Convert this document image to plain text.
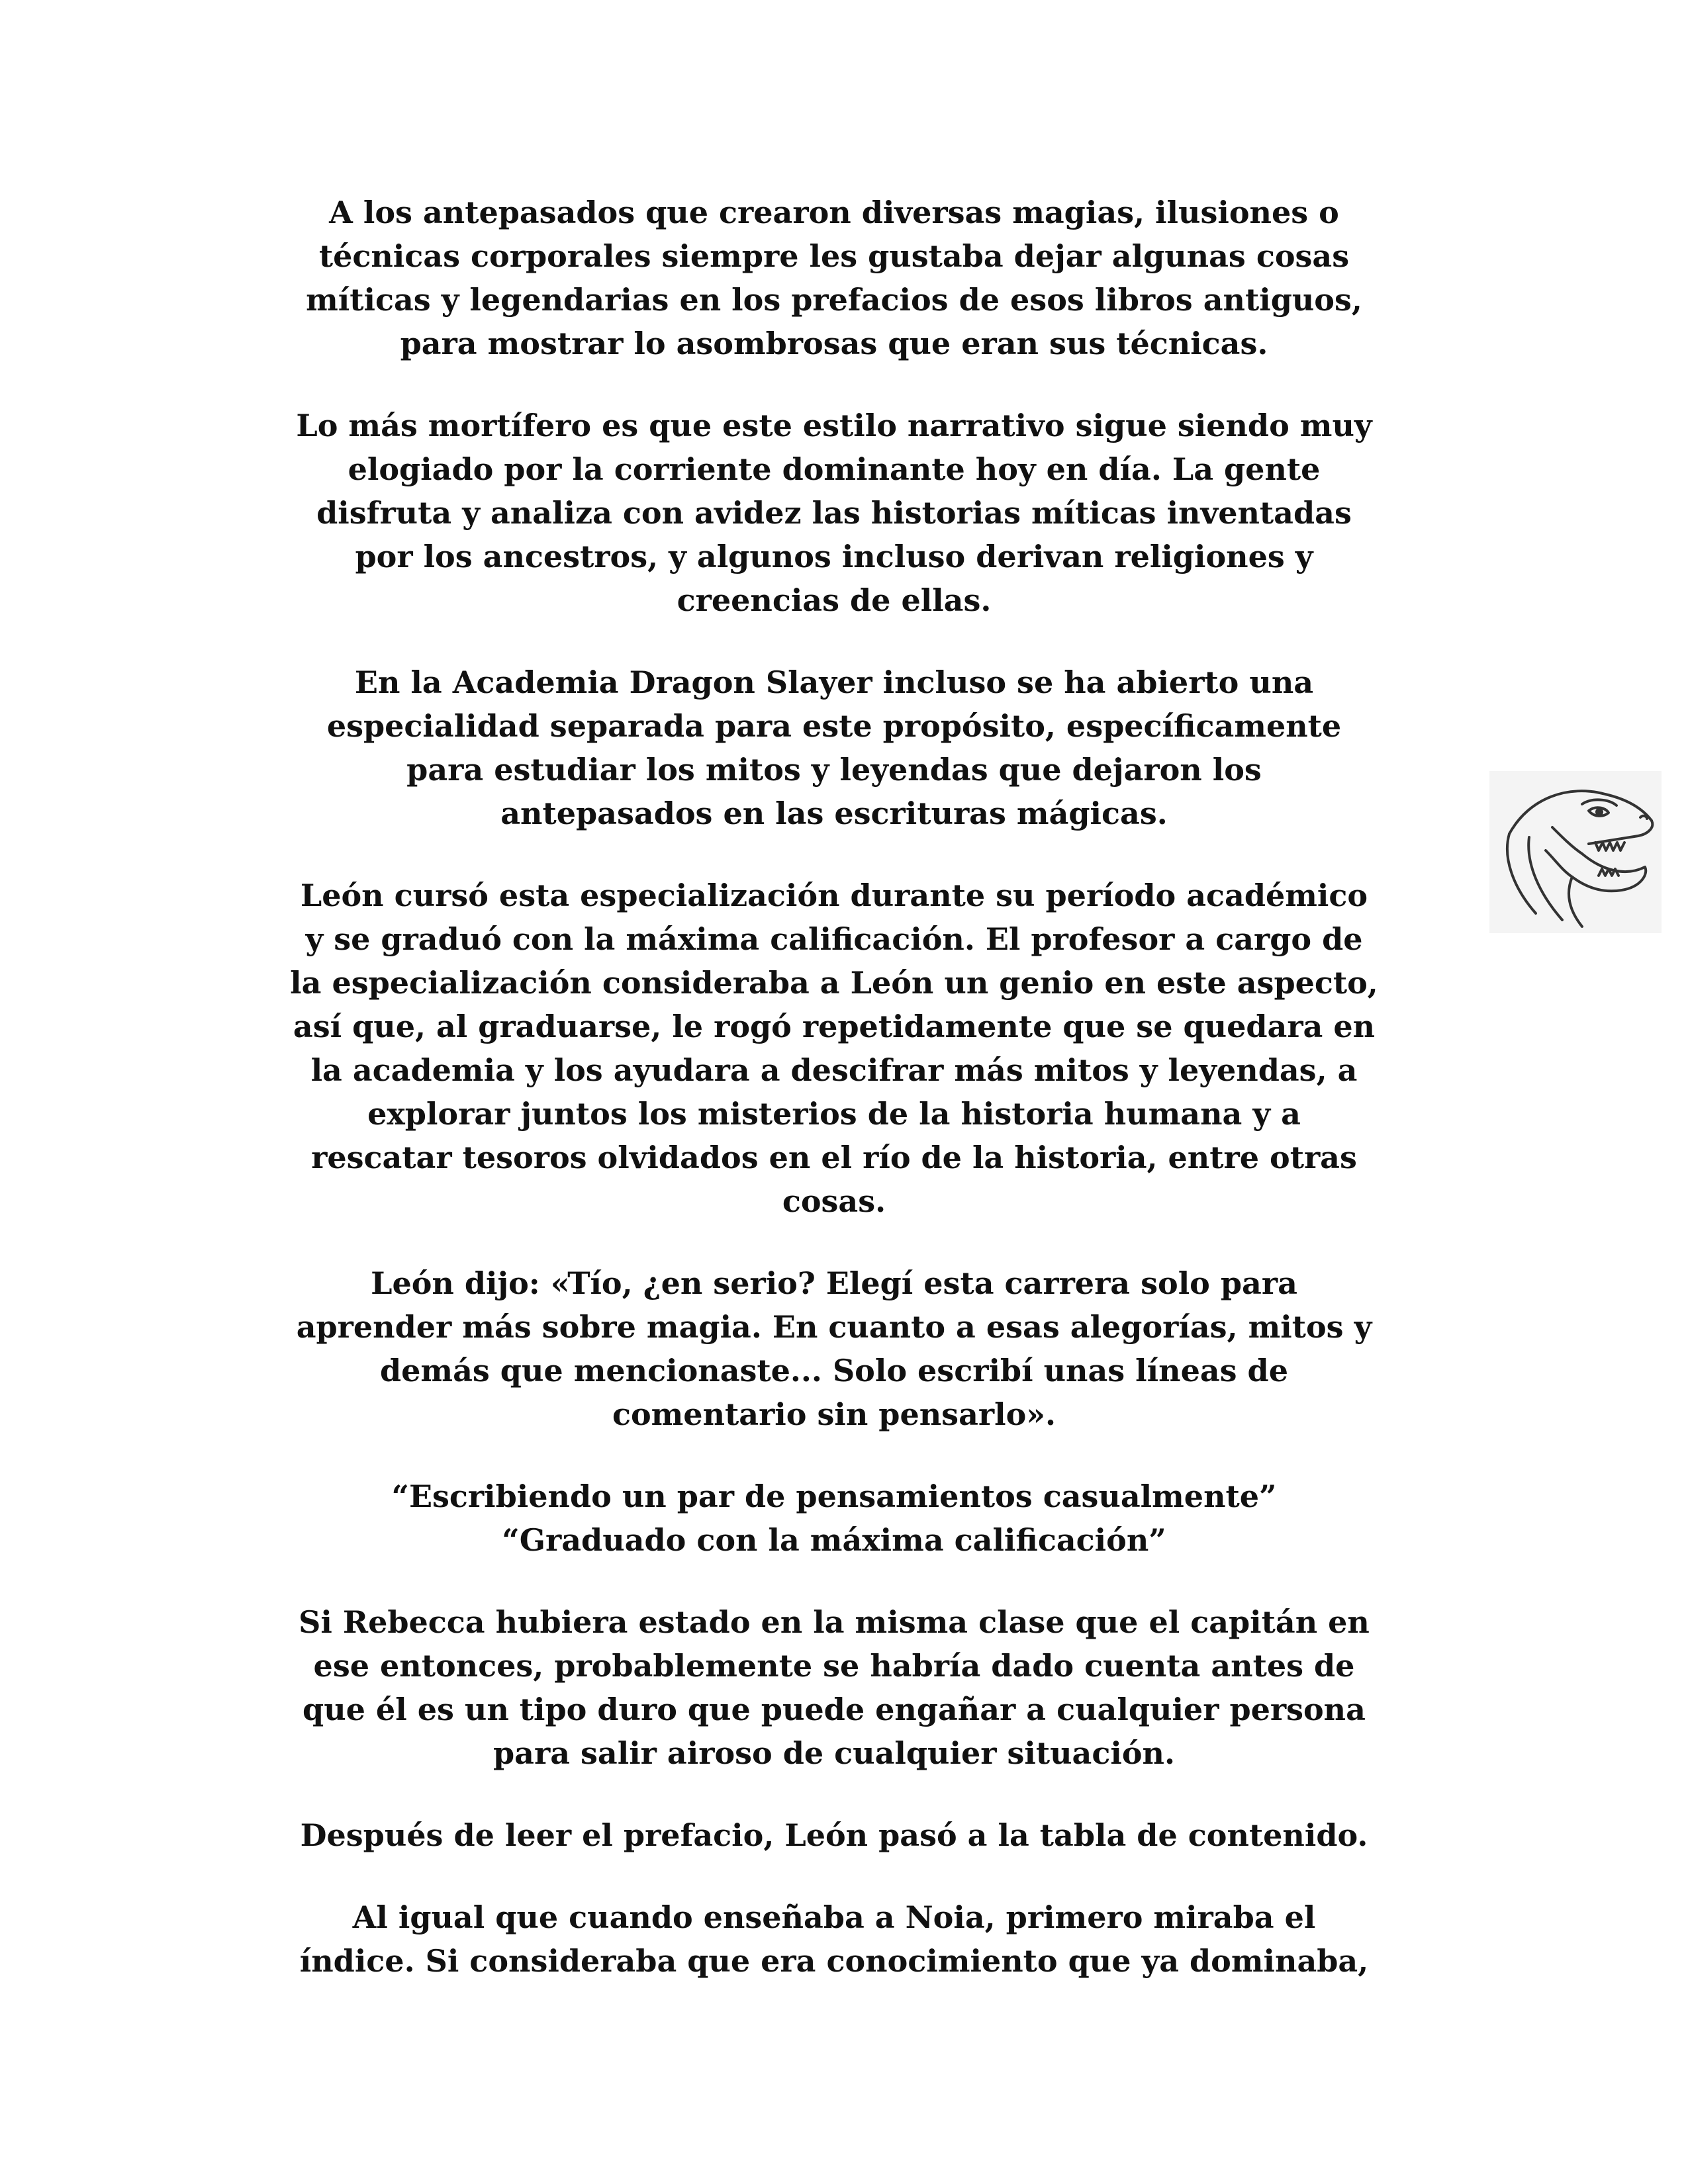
A los antepasados que crearon diversas magias, ilusiones o
técnicas corporales siempre les gustaba dejar algunas cosas
míticas y legendarias en los prefacios de esos libros antiguos,
para mostrar lo asombrosas que eran sus técnicas.

Lo más mortífero es que este estilo narrativo sigue siendo muy
elogiado por la corriente dominante hoy en día. La gente
disfruta y analiza con avidez las historias míticas inventadas
por los ancestros, y algunos incluso derivan religiones y
creencias de ellas.

En la Academia Dragon Slayer incluso se ha abierto una
especialidad separada para este propósito, específicamente
para estudiar los mitos y leyendas que dejaron los
antepasados en las escrituras mágicas.

León cursó esta especialización durante su período académico
y se graduó con la máxima calificación. El profesor a cargo de
la especialización consideraba a León un genio en este aspecto,
así que, al graduarse, le rogó repetidamente que se quedara en
la academia y los ayudara a descifrar más mitos y leyendas, a
explorar juntos los misterios de la historia humana y a
rescatar tesoros olvidados en el río de la historia, entre otras
cosas.

León dijo: «Tío, ¿en serio? Elegí esta carrera solo para
aprender más sobre magia. En cuanto a esas alegorías, mitos y
demás que mencionaste... Solo escribí unas líneas de
comentario sin pensarlo».

“Escribiendo un par de pensamientos casualmente”
“Graduado con la máxima calificación”

Si Rebecca hubiera estado en la misma clase que el capitán en
ese entonces, probablemente se habría dado cuenta antes de
que él es un tipo duro que puede engañar a cualquier persona
para salir airoso de cualquier situación.

Después de leer el prefacio, León pasó a la tabla de contenido.

Al igual que cuando enseñaba a Noia, primero miraba el
índice. Si consideraba que era conocimiento que ya dominaba,
